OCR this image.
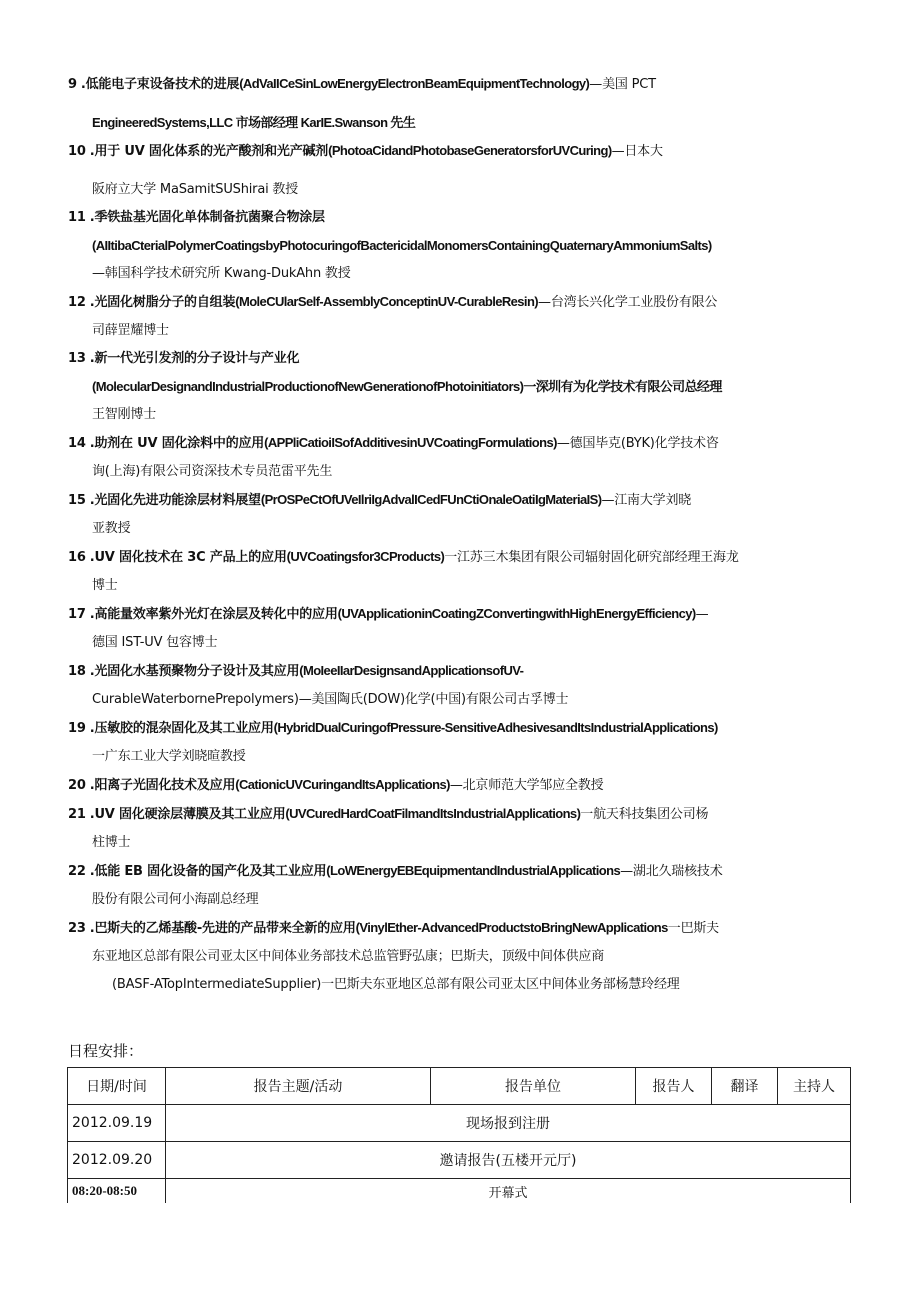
9 .低能电子束设备技术的进展(AdVaIICeSinLowEnergyElectronBeamEquipmentTechnology)—美国 PCT
EngineeredSystems,LLC 市场部经理 KarIE.Swanson 先生
10 .用于 UV 固化体系的光产酸剂和光产碱剂(PhotoaCidandPhotobaseGeneratorsforUVCuring)—日本大
阪府立大学 MaSamitSUShirai 教授
11 .季铁盐基光固化单体制备抗菌聚合物涂层
(AIItibaCterialPolymerCoatingsbyPhotocuringofBactericidalMonomersContainingQuaternaryAmmoniumSalts)
—韩国科学技术研究所 Kwang-DukAhn 教授
12 .光固化树脂分子的自组装(MoleCUlarSelf-AssemblyConceptinUV-CurableResin)—台湾长兴化学工业股份有限公
司薛罡耀博士
13 .新一代光引发剂的分子设计与产业化
(MolecularDesignandIndustrialProductionofNewGenerationofPhotoinitiators)一深圳有为化学技术有限公司总经理
王智刚博士
14 .助剂在 UV 固化涂料中的应用(APPliCatioiISofAdditivesinUVCoatingFormulations)—德国毕克(BYK)化学技术咨
询(上海)有限公司资深技术专员范雷平先生
15 .光固化先进功能涂层材料展望(PrOSPeCtOfUVeIlriIgAdvalICedFUnCtiOnaleOatiIgMateriaIS)—江南大学刘晓
亚教授
16 .UV 固化技术在 3C 产品上的应用(UVCoatingsfor3CProducts)一江苏三木集团有限公司辐射固化研究部经理王海龙
博士
17 .高能量效率紫外光灯在涂层及转化中的应用(UVApplicationinCoatingZConvertingwithHighEnergyEfficiency)—
德国 IST-UV 包容博士
18 .光固化水基预聚物分子设计及其应用(MoIeeIIarDesignsandApplicationsofUV-
CurableWaterbornePrepolymers)—美国陶氏(DOW)化学(中国)有限公司古孚博士
19 .压敏胶的混杂固化及其工业应用(HybridDualCuringofPressure-SensitiveAdhesivesandItsIndustrialApplications)
一广东工业大学刘晓暄教授
20 .阳离子光固化技术及应用(CationicUVCuringandItsApplications)—北京师范大学邹应全教授
21 .UV 固化硬涂层薄膜及其工业应用(UVCuredHardCoatFilmandItsIndustrialApplications)一航天科技集团公司杨
柱博士
22 .低能 EB 固化设备的国产化及其工业应用(LoWEnergyEBEquipmentandIndustrialApplications—湖北久瑞核技术
股份有限公司何小海副总经理
23 .巴斯夫的乙烯基酸-先进的产品带来全新的应用(VinylEther-AdvancedProductstoBringNewApplications一巴斯夫
东亚地区总部有限公司亚太区中间体业务部技术总监管野弘康；巴斯夫，顶级中间体供应商
(BASF-ATopIntermediateSupplier)一巴斯夫东亚地区总部有限公司亚太区中间体业务部杨慧玲经理
日程安排：
日期/时间	报告主题/活动	报告单位	报告人	翻译	主持人
2012.09.19	现场报到注册				
2012.09.20	邀请报告(五楼开元厅)				
08:20-08:50	开幕式				
